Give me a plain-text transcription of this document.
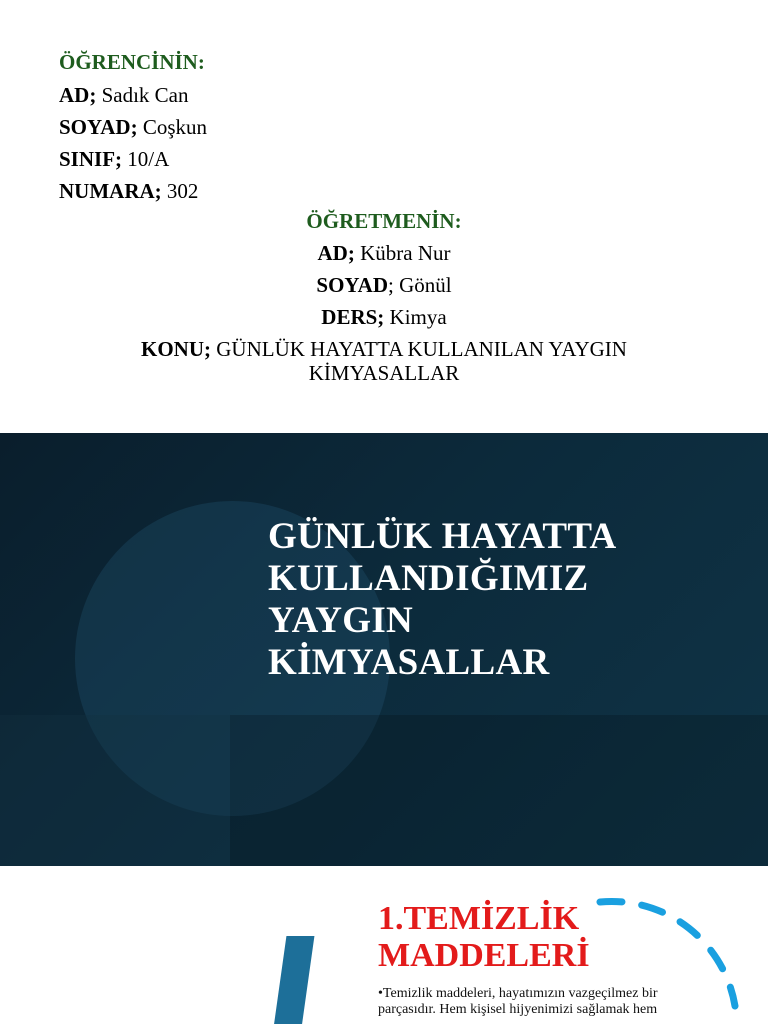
ÖĞRENCİNİN:
AD; Sadık Can
SOYAD; Coşkun
SINIF; 10/A
NUMARA; 302
ÖĞRETMENİN:
AD; Kübra Nur
SOYAD; Gönül
DERS; Kimya
KONU; GÜNLÜK HAYATTA KULLANILAN YAYGIN
KİMYASALLAR
GÜNLÜK HAYATTA
KULLANDIĞIMIZ
YAYGIN
KİMYASALLAR
1.TEMİZLİK
MADDELERİ
•Temizlik maddeleri, hayatımızın vazgeçilmez bir
parçasıdır. Hem kişisel hijyenimizi sağlamak hem
